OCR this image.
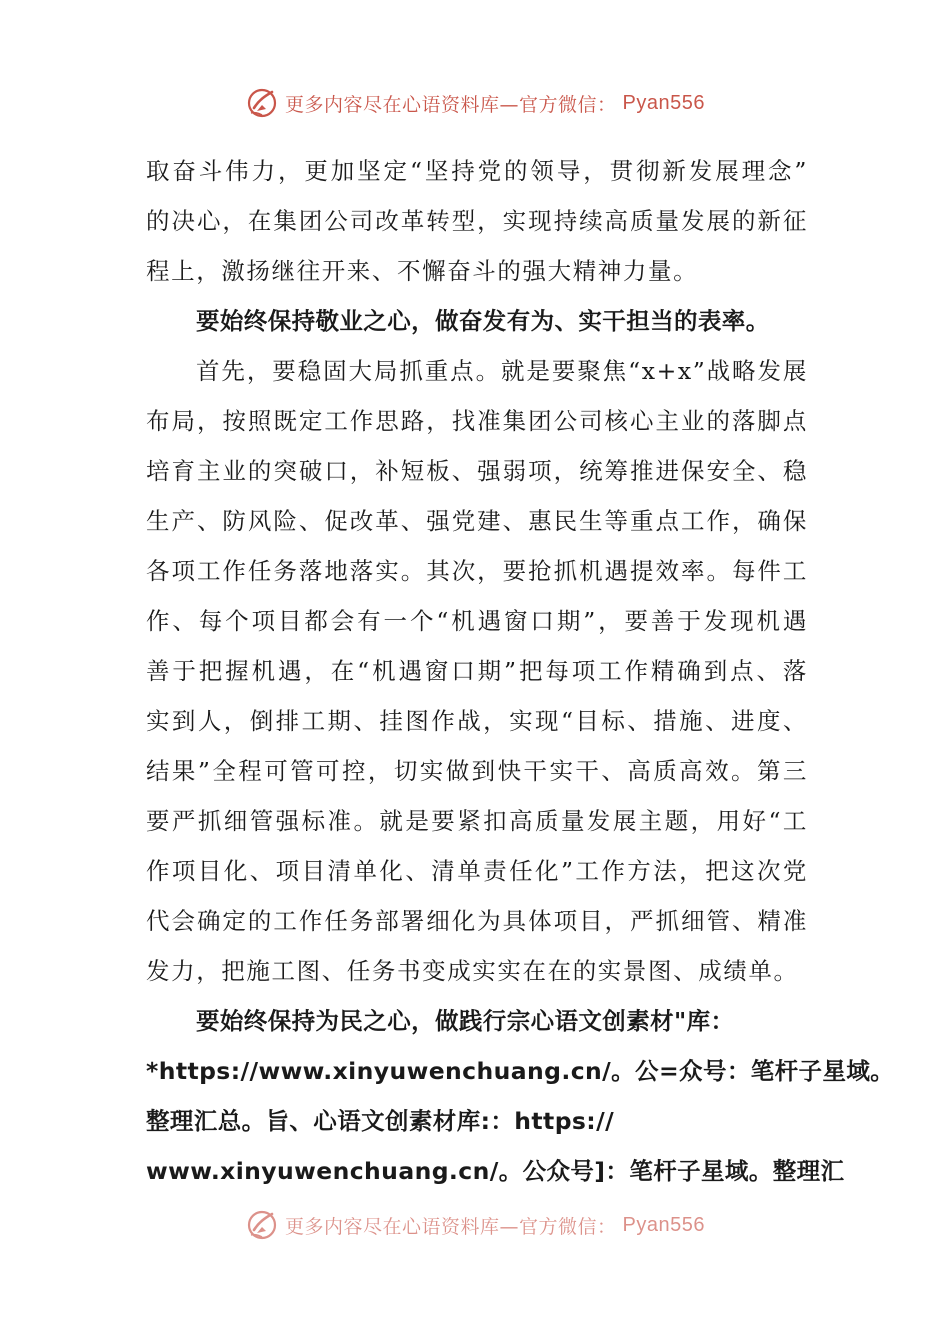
更多内容尽在心语资料库—官方微信： Pyan556
取奋斗伟力，更加坚定“坚持党的领导，贯彻新发展理念”
的决心，在集团公司改革转型，实现持续高质量发展的新征
程上，激扬继往开来、不懈奋斗的强大精神力量。
要始终保持敬业之心，做奋发有为、实干担当的表率。
首先，要稳固大局抓重点。就是要聚焦“x+x”战略发展
布局，按照既定工作思路，找准集团公司核心主业的落脚点
培育主业的突破口，补短板、强弱项，统筹推进保安全、稳
生产、防风险、促改革、强党建、惠民生等重点工作，确保
各项工作任务落地落实。其次，要抢抓机遇提效率。每件工
作、每个项目都会有一个“机遇窗口期”，要善于发现机遇
善于把握机遇，在“机遇窗口期”把每项工作精确到点、落
实到人，倒排工期、挂图作战，实现“目标、措施、进度、
结果”全程可管可控，切实做到快干实干、高质高效。第三
要严抓细管强标准。就是要紧扣高质量发展主题，用好“工
作项目化、项目清单化、清单责任化”工作方法，把这次党
代会确定的工作任务部署细化为具体项目，严抓细管、精准
发力，把施工图、任务书变成实实在在的实景图、成绩单。
要始终保持为民之心，做践行宗心语文创素材"库：
*https://www.xinyuwenchuang.cn/。公=众号：笔杆子星域。
整理汇总。旨、心语文创素材库:：https://
www.xinyuwenchuang.cn/。公众号]：笔杆子星域。整理汇
更多内容尽在心语资料库—官方微信： Pyan556
